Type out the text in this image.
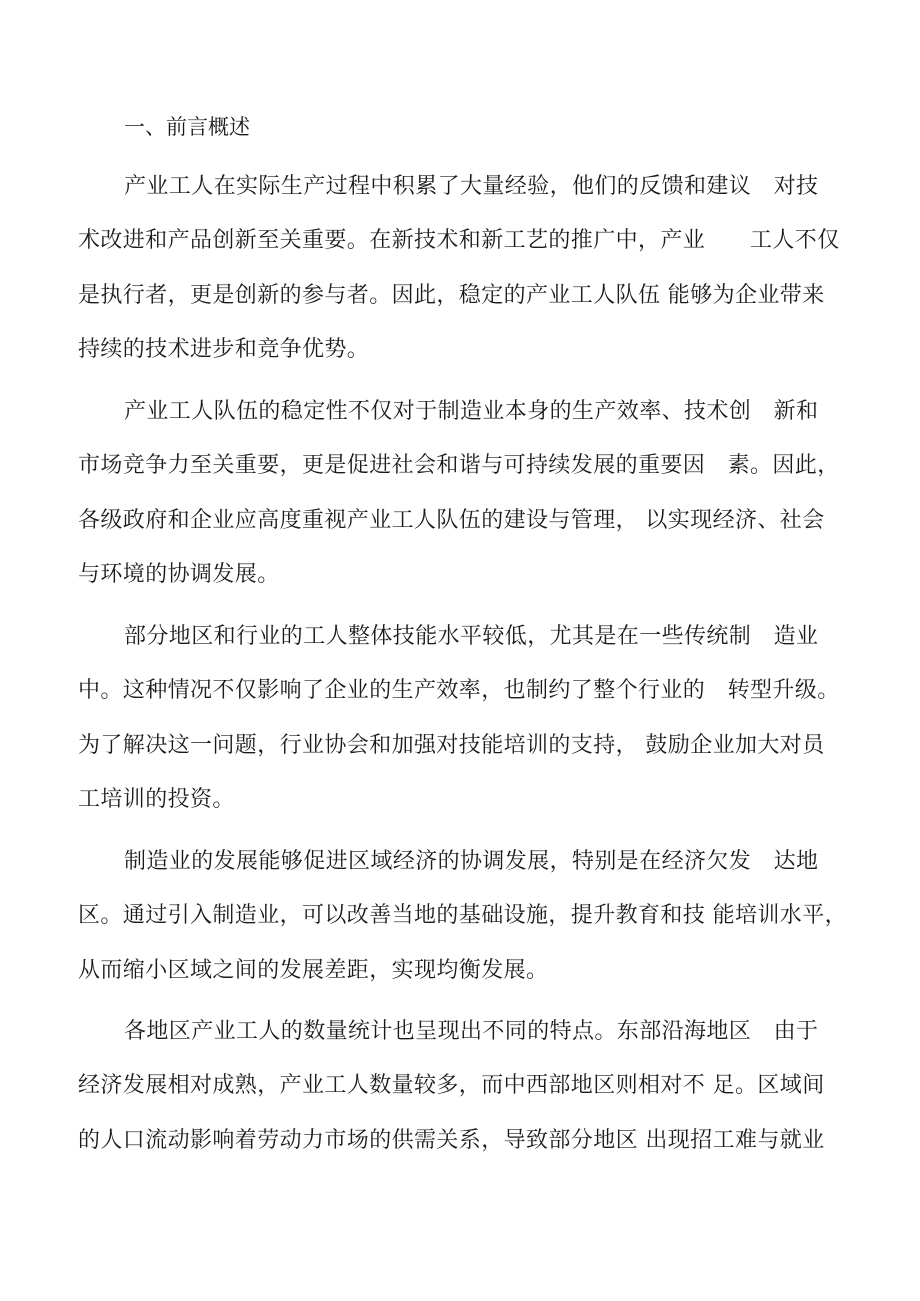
一、前言概述
产业工人在实际生产过程中积累了大量经验，他们的反馈和建议　对技
术改进和产品创新至关重要。在新技术和新工艺的推广中，产业　　工人不仅
是执行者，更是创新的参与者。因此，稳定的产业工人队伍 能够为企业带来
持续的技术进步和竞争优势。
产业工人队伍的稳定性不仅对于制造业本身的生产效率、技术创　新和
市场竞争力至关重要，更是促进社会和谐与可持续发展的重要因　素。因此，
各级政府和企业应高度重视产业工人队伍的建设与管理， 以实现经济、社会
与环境的协调发展。
部分地区和行业的工人整体技能水平较低，尤其是在一些传统制　造业
中。这种情况不仅影响了企业的生产效率，也制约了整个行业的　转型升级。
为了解决这一问题，行业协会和加强对技能培训的支持， 鼓励企业加大对员
工培训的投资。
制造业的发展能够促进区域经济的协调发展，特别是在经济欠发　达地
区。通过引入制造业，可以改善当地的基础设施，提升教育和技 能培训水平，
从而缩小区域之间的发展差距，实现均衡发展。
各地区产业工人的数量统计也呈现出不同的特点。东部沿海地区　由于
经济发展相对成熟，产业工人数量较多，而中西部地区则相对不 足。区域间
的人口流动影响着劳动力市场的供需关系，导致部分地区 出现招工难与就业
